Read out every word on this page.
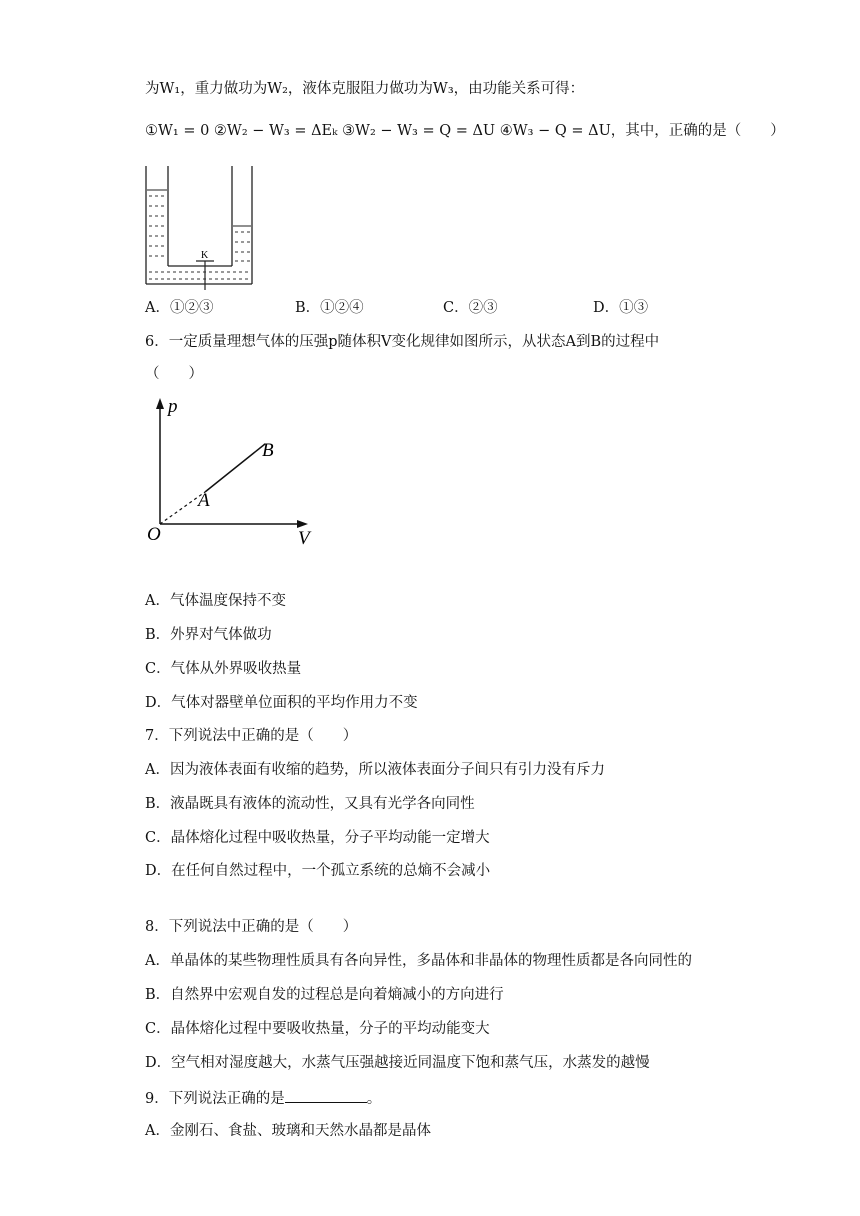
为W₁，重力做功为W₂，液体克服阻力做功为W₃，由功能关系可得：
①W₁ = 0 ②W₂ − W₃ = ΔEₖ ③W₂ − W₃ = Q = ΔU ④W₃ − Q = ΔU，其中，正确的是（　　）
K
A．①②③	B．①②④	C．②③	D．①③
6．一定质量理想气体的压强p随体积V变化规律如图所示，从状态A到B的过程中
（　　）
p
V
O
A
B
A．气体温度保持不变
B．外界对气体做功
C．气体从外界吸收热量
D．气体对器壁单位面积的平均作用力不变
7．下列说法中正确的是（　　）
A．因为液体表面有收缩的趋势，所以液体表面分子间只有引力没有斥力
B．液晶既具有液体的流动性，又具有光学各向同性
C．晶体熔化过程中吸收热量，分子平均动能一定增大
D．在任何自然过程中，一个孤立系统的总熵不会减小
8．下列说法中正确的是（　　）
A．单晶体的某些物理性质具有各向异性，多晶体和非晶体的物理性质都是各向同性的
B．自然界中宏观自发的过程总是向着熵减小的方向进行
C．晶体熔化过程中要吸收热量，分子的平均动能变大
D．空气相对湿度越大，水蒸气压强越接近同温度下饱和蒸气压，水蒸发的越慢
9．下列说法正确的是	。
A．金刚石、食盐、玻璃和天然水晶都是晶体
